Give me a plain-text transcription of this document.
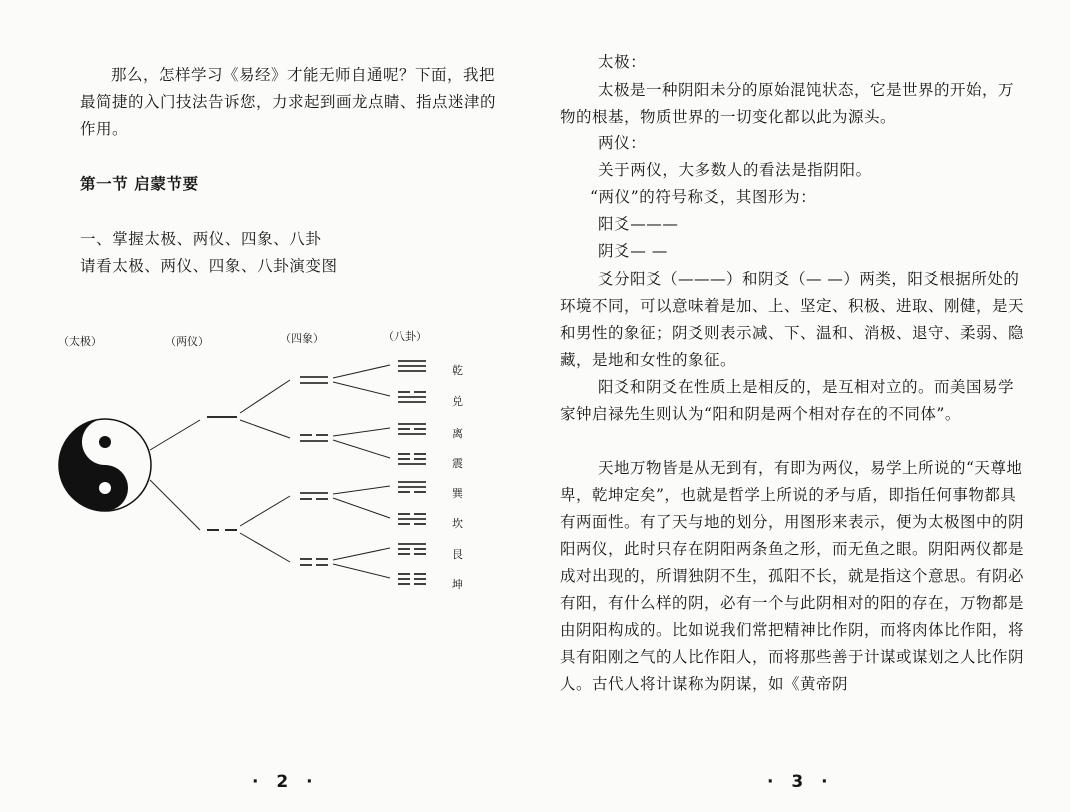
那么，怎样学习《易经》才能无师自通呢？下面，我把最简捷的入门技法告诉您，力求起到画龙点睛、指点迷津的作用。

第一节 启蒙节要
一、掌握太极、两仪、四象、八卦
请看太极、两仪、四象、八卦演变图
（太极）	（两仪）	（四象）	（八卦）
乾
兑
离
震
巽
坎
艮
坤
· 2 ·
太极：

太极是一种阴阳未分的原始混饨状态，它是世界的开始，万物的根基，物质世界的一切变化都以此为源头。

两仪：
关于两仪，大多数人的看法是指阴阳。
“两仪”的符号称爻，其图形为：
阳爻———
阴爻— —

爻分阳爻（———）和阴爻（— —）两类，阳爻根据所处的环境不同，可以意味着是加、上、坚定、积极、进取、刚健，是天和男性的象征；阴爻则表示减、下、温和、消极、退守、柔弱、隐藏，是地和女性的象征。

阳爻和阴爻在性质上是相反的，是互相对立的。而美国易学家钟启禄先生则认为“阳和阴是两个相对存在的不同体”。

天地万物皆是从无到有，有即为两仪，易学上所说的“天尊地卑，乾坤定矣”，也就是哲学上所说的矛与盾，即指任何事物都具有两面性。有了天与地的划分，用图形来表示，便为太极图中的阴阳两仪，此时只存在阴阳两条鱼之形，而无鱼之眼。阴阳两仪都是成对出现的，所谓独阴不生，孤阳不长，就是指这个意思。有阴必有阳，有什么样的阴，必有一个与此阴相对的阳的存在，万物都是由阴阳构成的。比如说我们常把精神比作阴，而将肉体比作阳，将具有阳刚之气的人比作阳人，而将那些善于计谋或谋划之人比作阴人。古代人将计谋称为阴谋，如《黄帝阴

· 3 ·
